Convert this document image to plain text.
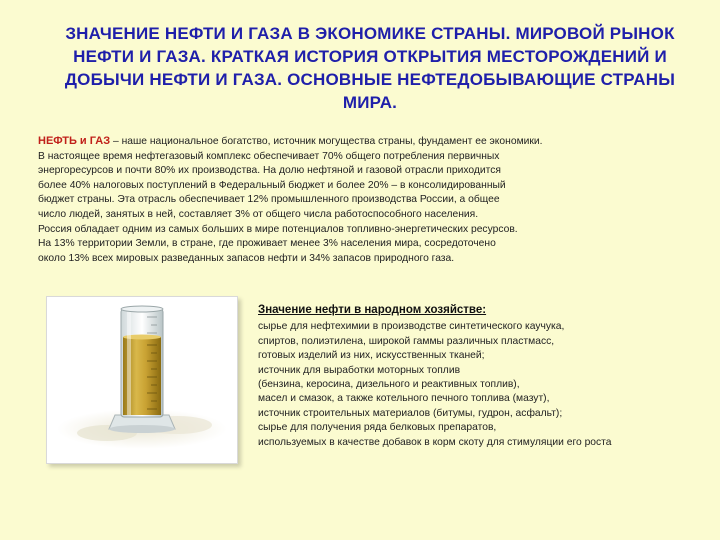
ЗНАЧЕНИЕ НЕФТИ И ГАЗА В ЭКОНОМИКЕ СТРАНЫ. МИРОВОЙ РЫНОК НЕФТИ И ГАЗА. КРАТКАЯ ИСТОРИЯ ОТКРЫТИЯ МЕСТОРОЖДЕНИЙ И ДОБЫЧИ НЕФТИ И ГАЗА. ОСНОВНЫЕ НЕФТЕДОБЫВАЮЩИЕ СТРАНЫ МИРА.
НЕФТЬ и ГАЗ – наше национальное богатство, источник могущества страны, фундамент ее экономики.
В настоящее время нефтегазовый комплекс обеспечивает 70% общего потребления первичных
энергоресурсов и почти 80% их производства. На долю нефтяной и газовой отрасли приходится
более 40% налоговых поступлений в Федеральный бюджет и более 20% – в консолидированный
бюджет страны. Эта отрасль обеспечивает 12% промышленного производства России, а общее
число людей, занятых в ней, составляет 3% от общего числа работоспособного населения.
Россия обладает одним из самых больших в мире потенциалов топливно-энергетических ресурсов.
На 13% территории Земли, в стране, где проживает менее 3% населения мира, сосредоточено
около 13% всех мировых разведанных запасов нефти и 34% запасов природного газа.
Значение нефти в народном хозяйстве:
сырье для нефтехимии в производстве синтетического каучука,
спиртов, полиэтилена, широкой гаммы различных пластмасс,
готовых изделий из них, искусственных тканей;
источник для выработки моторных топлив
(бензина, керосина, дизельного и реактивных топлив),
масел и смазок, а также котельного печного топлива (мазут),
источник строительных материалов (битумы, гудрон, асфальт);
сырье для получения ряда белковых препаратов,
используемых в качестве добавок в корм скоту для стимуляции его роста
